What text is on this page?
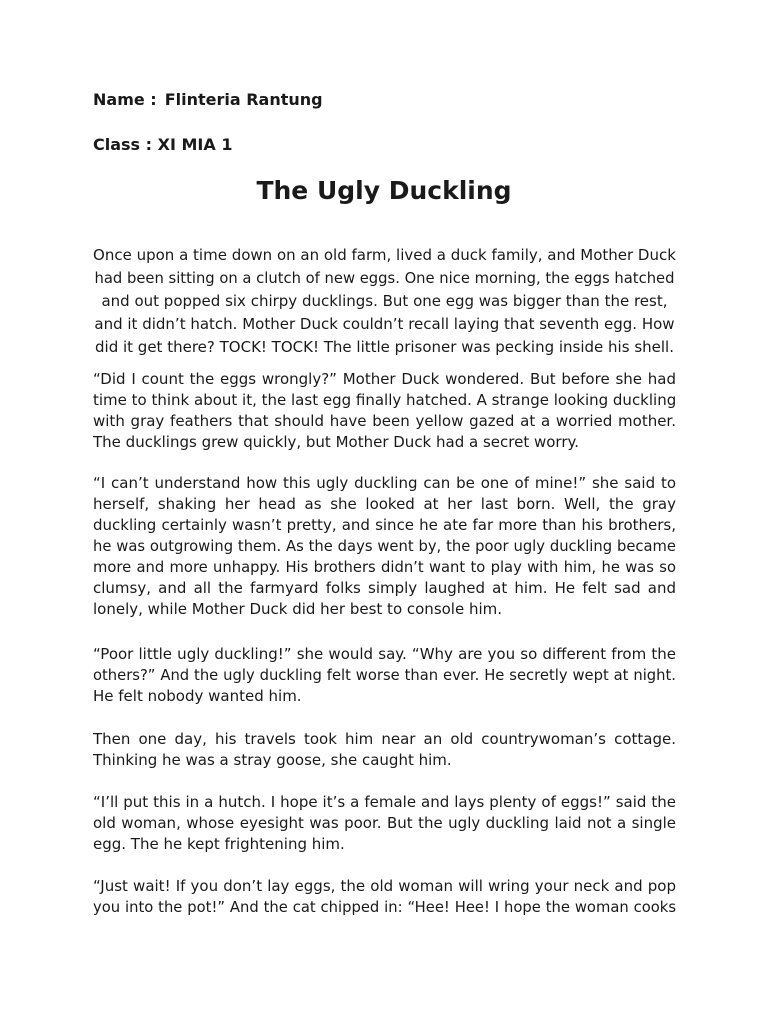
Name : Flinteria Rantung
Class : XI MIA 1
The Ugly Duckling
Once upon a time down on an old farm, lived a duck family, and Mother Duck
had been sitting on a clutch of new eggs. One nice morning, the eggs hatched
and out popped six chirpy ducklings. But one egg was bigger than the rest,
and it didn’t hatch. Mother Duck couldn’t recall laying that seventh egg. How
did it get there? TOCK! TOCK! The little prisoner was pecking inside his shell.
“Did I count the eggs wrongly?” Mother Duck wondered. But before she had
time to think about it, the last egg finally hatched. A strange looking duckling
with gray feathers that should have been yellow gazed at a worried mother.
The ducklings grew quickly, but Mother Duck had a secret worry.
“I can’t understand how this ugly duckling can be one of mine!” she said to
herself, shaking her head as she looked at her last born. Well, the gray
duckling certainly wasn’t pretty, and since he ate far more than his brothers,
he was outgrowing them. As the days went by, the poor ugly duckling became
more and more unhappy. His brothers didn’t want to play with him, he was so
clumsy, and all the farmyard folks simply laughed at him. He felt sad and
lonely, while Mother Duck did her best to console him.
“Poor little ugly duckling!” she would say. “Why are you so different from the
others?” And the ugly duckling felt worse than ever. He secretly wept at night.
He felt nobody wanted him.
Then one day, his travels took him near an old countrywoman’s cottage.
Thinking he was a stray goose, she caught him.
“I’ll put this in a hutch. I hope it’s a female and lays plenty of eggs!” said the
old woman, whose eyesight was poor. But the ugly duckling laid not a single
egg. The he kept frightening him.
“Just wait! If you don’t lay eggs, the old woman will wring your neck and pop
you into the pot!” And the cat chipped in: “Hee! Hee! I hope the woman cooks
